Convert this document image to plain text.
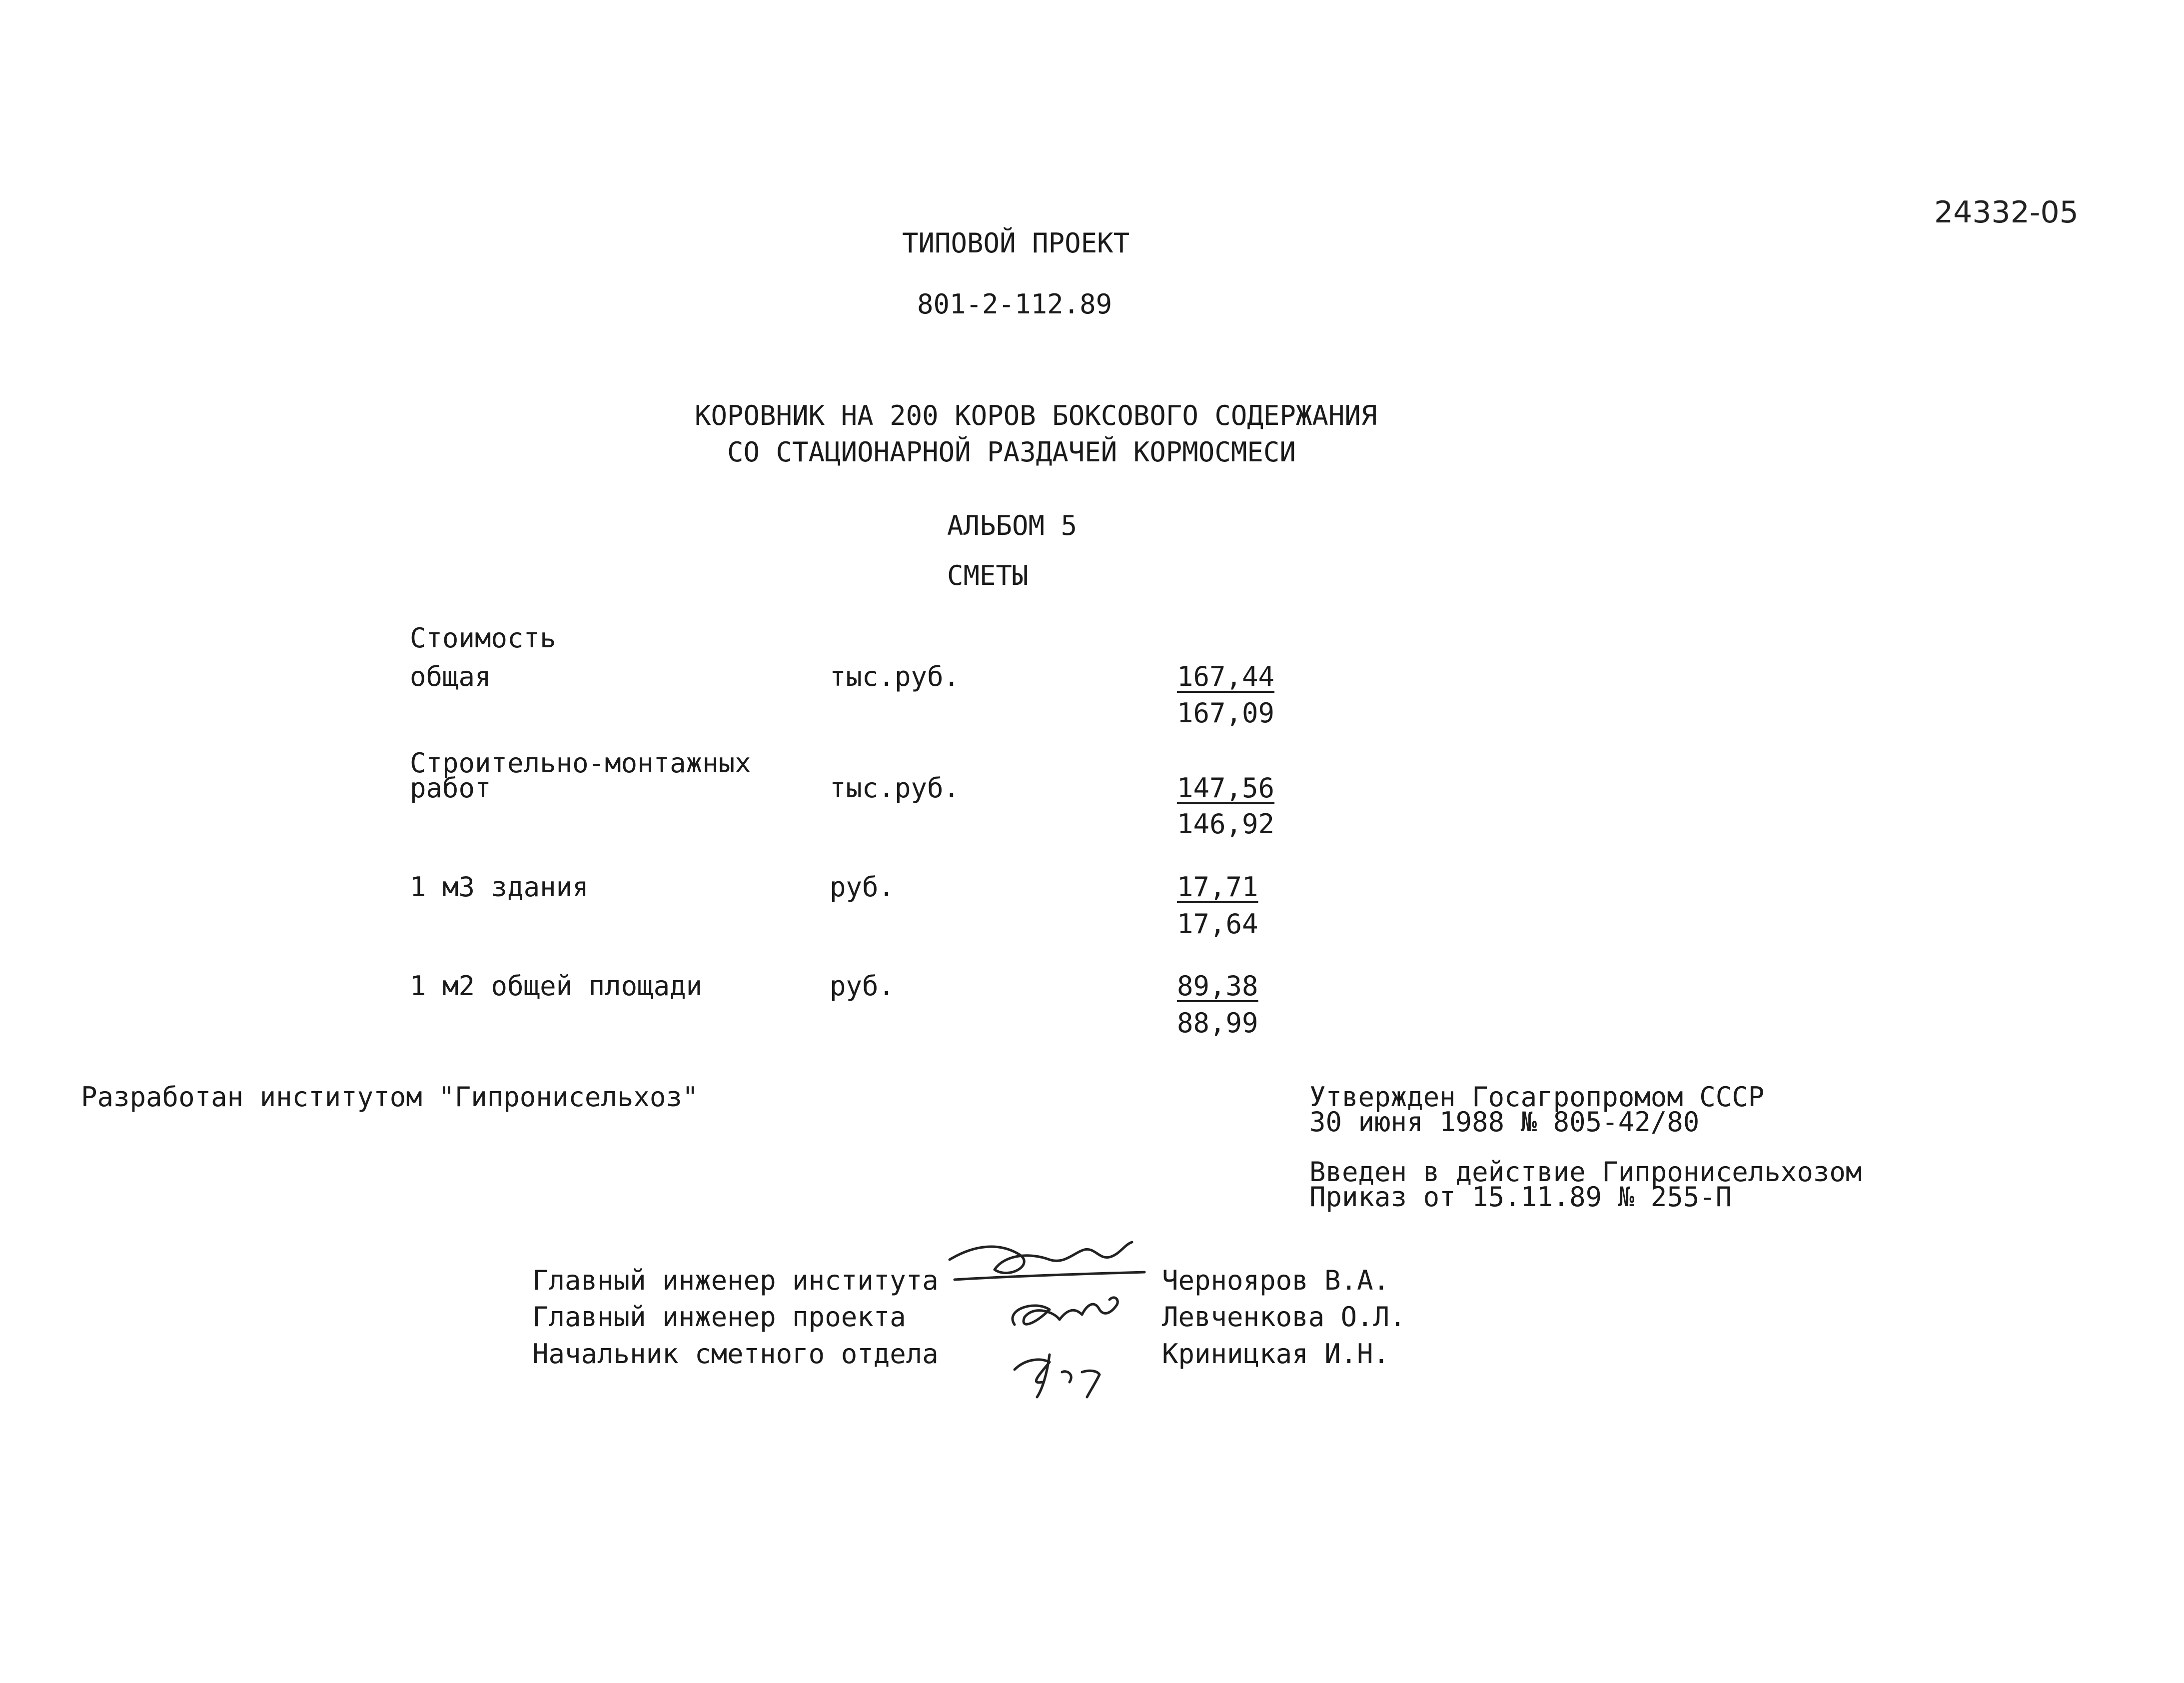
24332-05
ТИПОВОЙ ПРОЕКТ
801-2-112.89
КОРОВНИК НА 200 КОРОВ БОКСОВОГО СОДЕРЖАНИЯ
СО СТАЦИОНАРНОЙ РАЗДАЧЕЙ КОРМОСМЕСИ
АЛЬБОМ 5
СМЕТЫ
Стоимость
общая	тыс.руб.	167,44
167,09
Строительно-монтажных
работ	тыс.руб.	147,56
146,92
1 м3 здания	руб.	17,71
17,64
1 м2 общей площади	руб.	89,38
88,99
Разработан институтом "Гипронисельхоз"	Утвержден Госагропромом СССР
30 июня 1988 № 805-42/80
Введен в действие Гипронисельхозом
Приказ от 15.11.89 № 255-П
Главный инженер института	Чернояров В.А.
Главный инженер проекта	Левченкова О.Л.
Начальник сметного отдела	Криницкая И.Н.
